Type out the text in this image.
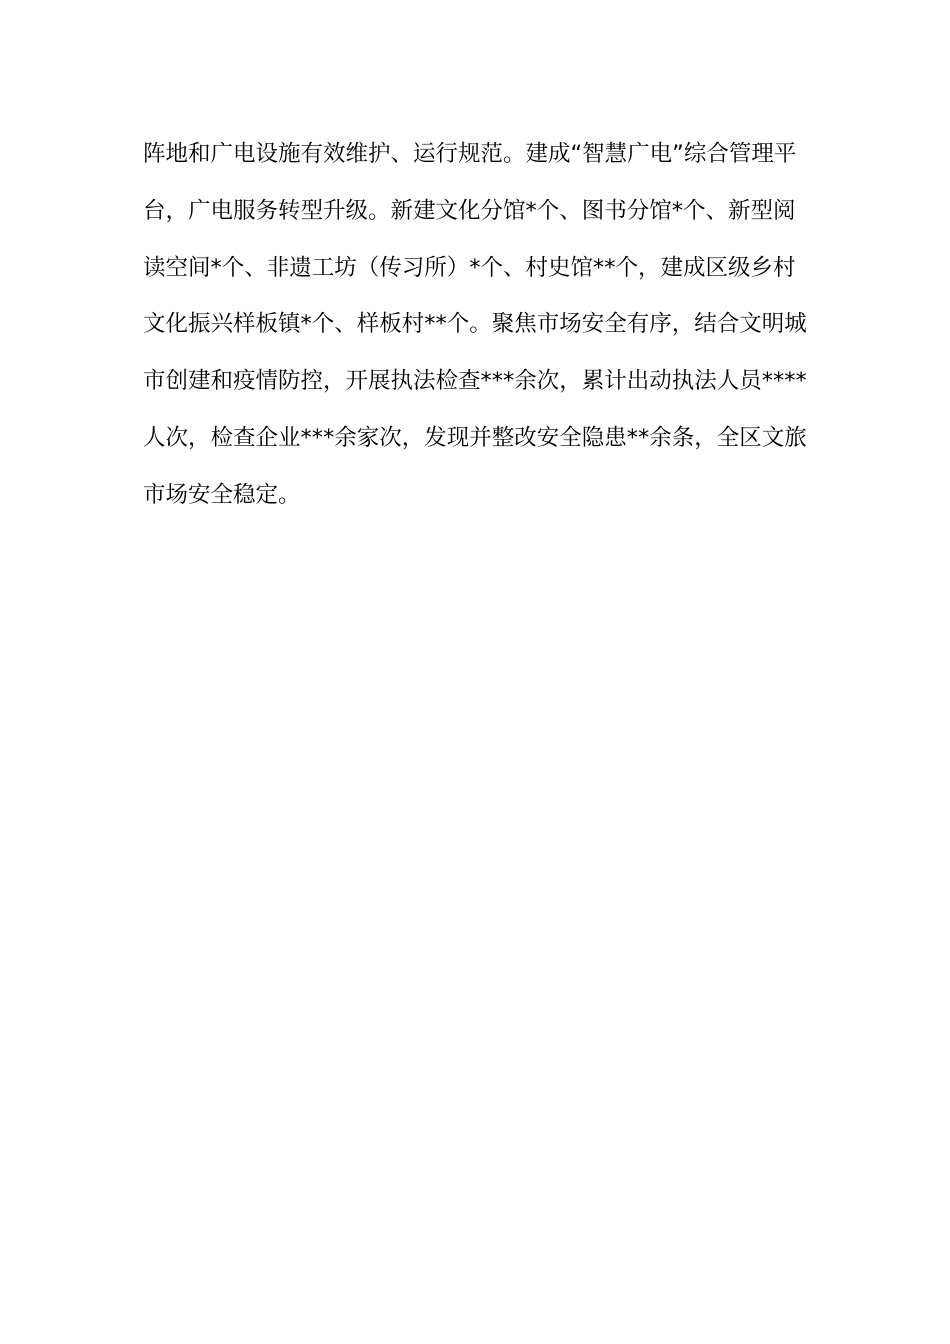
阵地和广电设施有效维护、运行规范。建成“智慧广电”综合管理平
台，广电服务转型升级。新建文化分馆*个、图书分馆*个、新型阅
读空间*个、非遗工坊（传习所）*个、村史馆**个，建成区级乡村
文化振兴样板镇*个、样板村**个。聚焦市场安全有序，结合文明城
市创建和疫情防控，开展执法检查***余次，累计出动执法人员****
人次，检查企业***余家次，发现并整改安全隐患**余条，全区文旅
市场安全稳定。
